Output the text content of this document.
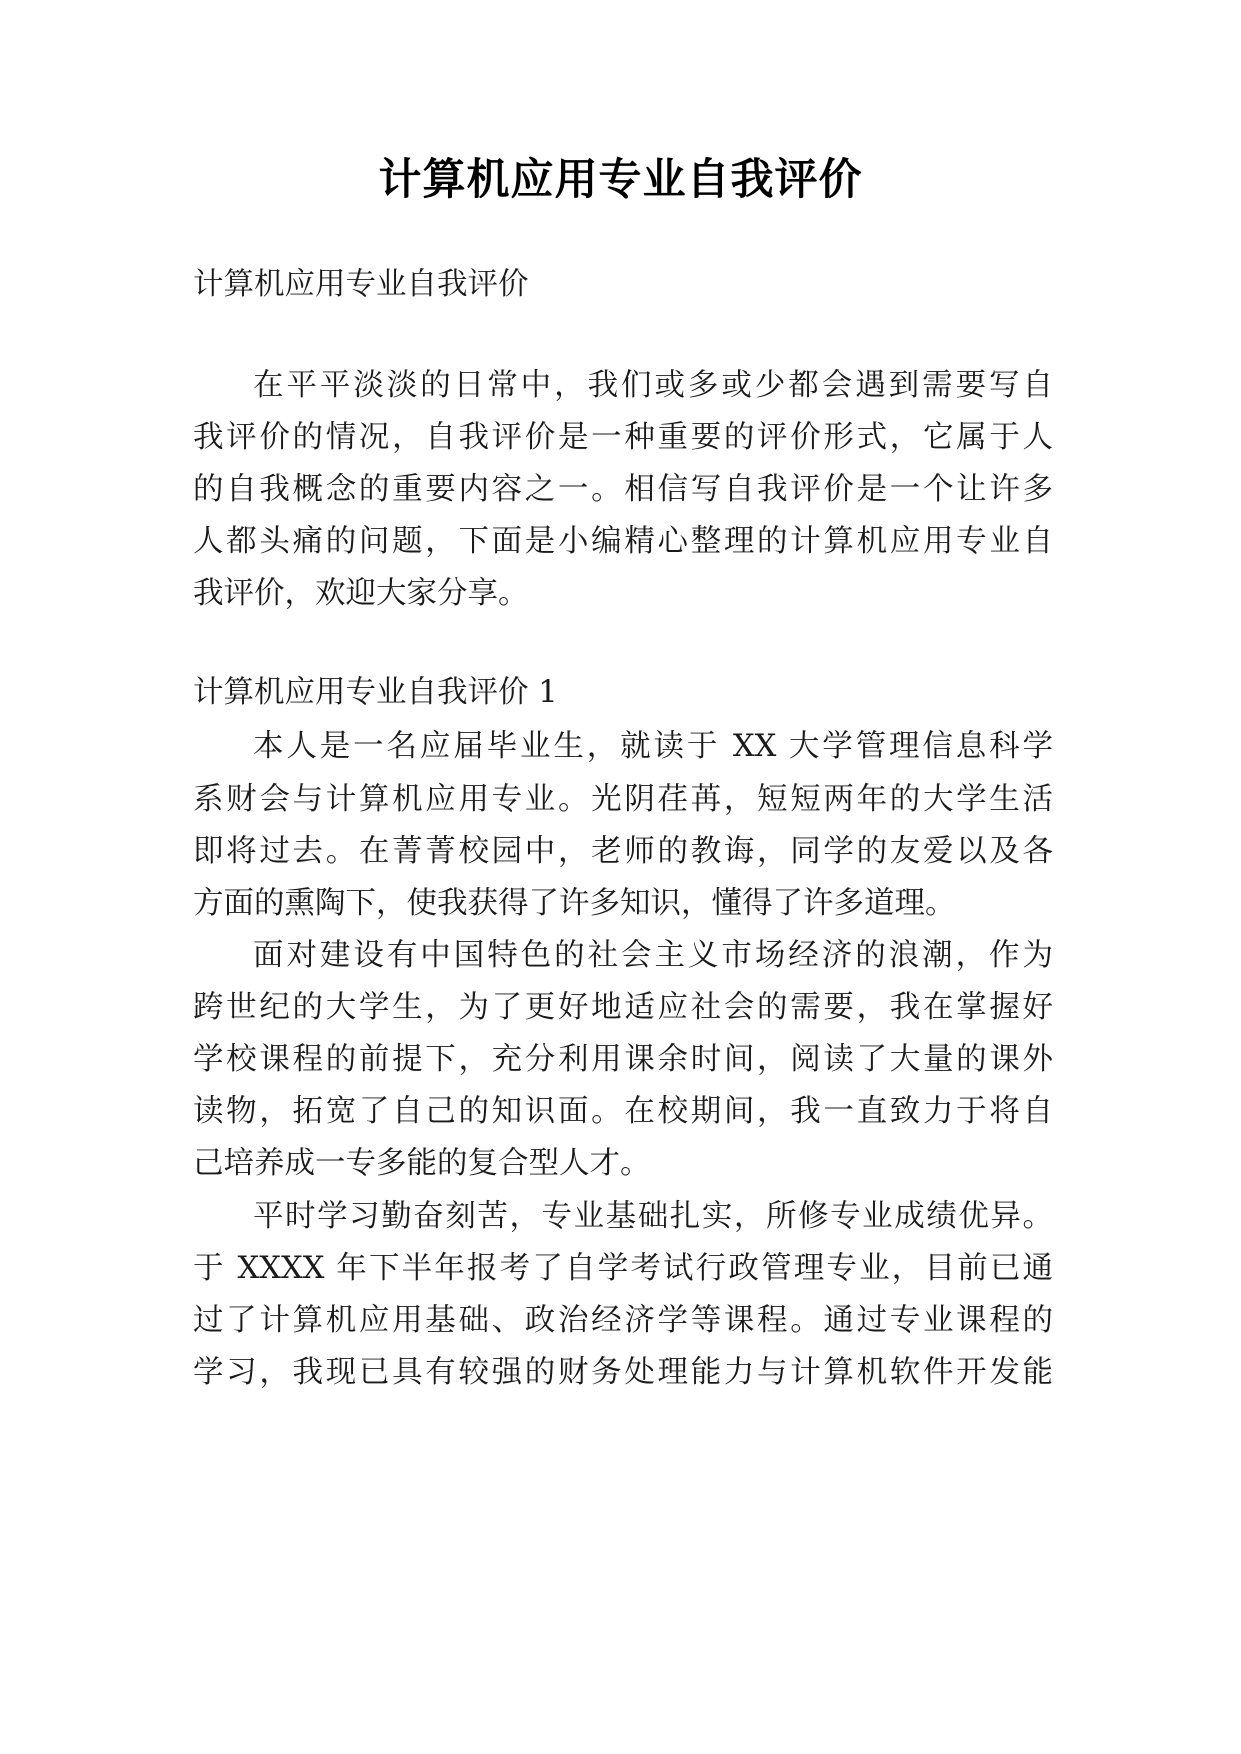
计算机应用专业自我评价
计算机应用专业自我评价
在平平淡淡的日常中，我们或多或少都会遇到需要写自
我评价的情况，自我评价是一种重要的评价形式，它属于人
的自我概念的重要内容之一。相信写自我评价是一个让许多
人都头痛的问题，下面是小编精心整理的计算机应用专业自
我评价，欢迎大家分享。
计算机应用专业自我评价 1
本人是一名应届毕业生，就读于 XX 大学管理信息科学
系财会与计算机应用专业。光阴荏苒，短短两年的大学生活
即将过去。在菁菁校园中，老师的教诲，同学的友爱以及各
方面的熏陶下，使我获得了许多知识，懂得了许多道理。
面对建设有中国特色的社会主义市场经济的浪潮，作为
跨世纪的大学生，为了更好地适应社会的需要，我在掌握好
学校课程的前提下，充分利用课余时间，阅读了大量的课外
读物，拓宽了自己的知识面。在校期间，我一直致力于将自
己培养成一专多能的复合型人才。
平时学习勤奋刻苦，专业基础扎实，所修专业成绩优异。
于 XXXX 年下半年报考了自学考试行政管理专业，目前已通
过了计算机应用基础、政治经济学等课程。通过专业课程的
学习，我现已具有较强的财务处理能力与计算机软件开发能
